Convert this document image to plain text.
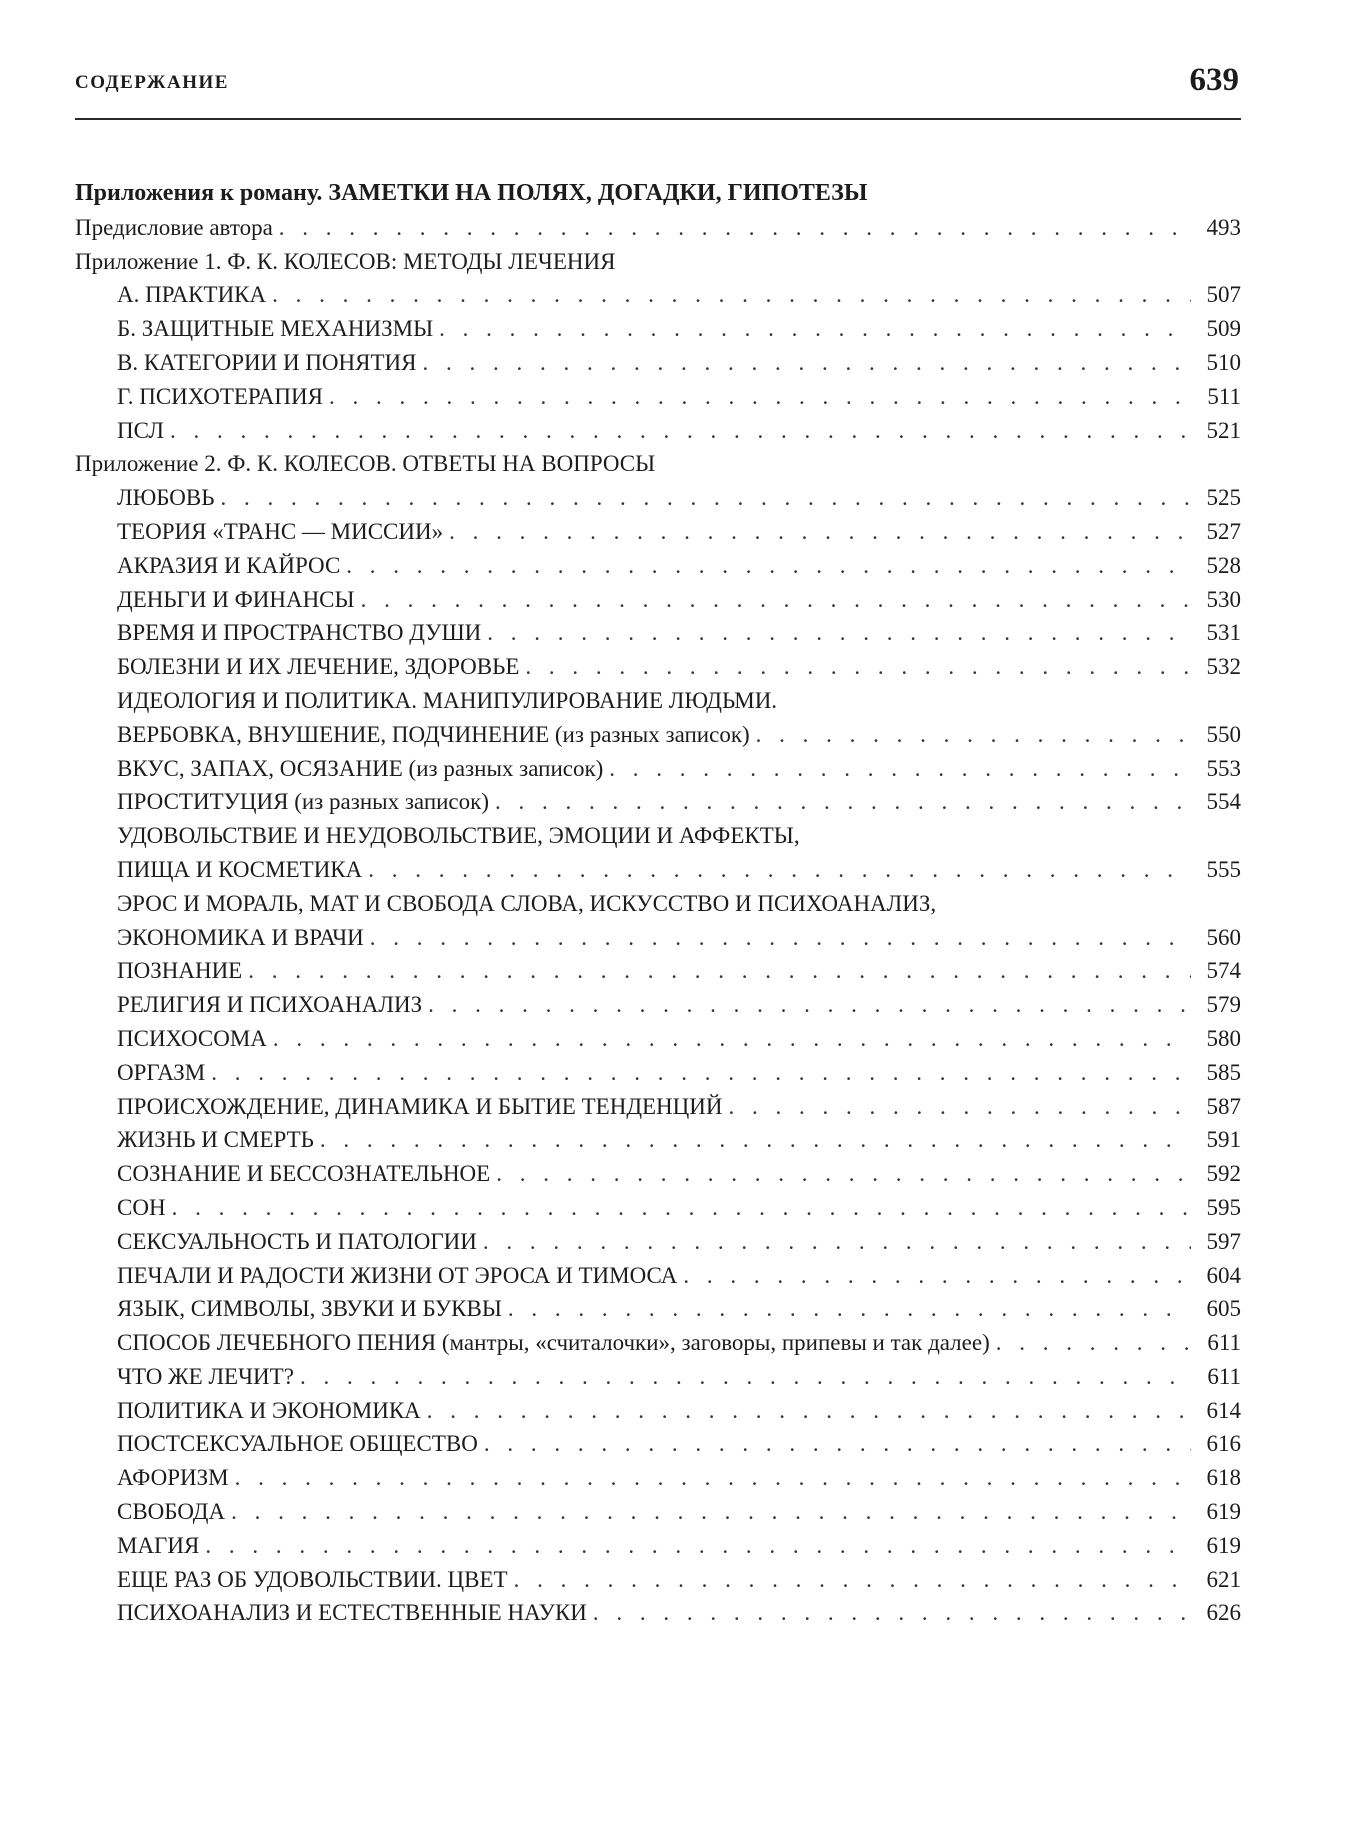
СОДЕРЖАНИЕ	639
Приложения к роману. ЗАМЕТКИ НА ПОЛЯХ, ДОГАДКИ, ГИПОТЕЗЫ
Предисловие автора . . .	493
Приложение 1. Ф. К. КОЛЕСОВ: МЕТОДЫ ЛЕЧЕНИЯ
А. ПРАКТИКА . . .	507
Б. ЗАЩИТНЫЕ МЕХАНИЗМЫ . . .	509
В. КАТЕГОРИИ И ПОНЯТИЯ . . .	510
Г. ПСИХОТЕРАПИЯ . . .	511
ПСЛ . . .	521
Приложение 2. Ф. К. КОЛЕСОВ. ОТВЕТЫ НА ВОПРОСЫ
ЛЮБОВЬ . . .	525
ТЕОРИЯ «ТРАНС — МИССИИ» . . .	527
АКРАЗИЯ И КАЙРОС . . .	528
ДЕНЬГИ И ФИНАНСЫ . . .	530
ВРЕМЯ И ПРОСТРАНСТВО ДУШИ . . .	531
БОЛЕЗНИ И ИХ ЛЕЧЕНИЕ, ЗДОРОВЬЕ . . .	532
ИДЕОЛОГИЯ И ПОЛИТИКА. МАНИПУЛИРОВАНИЕ ЛЮДЬМИ.
ВЕРБОВКА, ВНУШЕНИЕ, ПОДЧИНЕНИЕ (из разных записок) . . .	550
ВКУС, ЗАПАХ, ОСЯЗАНИЕ (из разных записок) . . .	553
ПРОСТИТУЦИЯ (из разных записок) . . .	554
УДОВОЛЬСТВИЕ И НЕУДОВОЛЬСТВИЕ, ЭМОЦИИ И АФФЕКТЫ,
ПИЩА И КОСМЕТИКА . . .	555
ЭРОС И МОРАЛЬ, МАТ И СВОБОДА СЛОВА, ИСКУССТВО И ПСИХОАНАЛИЗ,
ЭКОНОМИКА И ВРАЧИ . . .	560
ПОЗНАНИЕ . . .	574
РЕЛИГИЯ И ПСИХОАНАЛИЗ . . .	579
ПСИХОСОМА . . .	580
ОРГАЗМ . . .	585
ПРОИСХОЖДЕНИЕ, ДИНАМИКА И БЫТИЕ ТЕНДЕНЦИЙ . . .	587
ЖИЗНЬ И СМЕРТЬ . . .	591
СОЗНАНИЕ И БЕССОЗНАТЕЛЬНОЕ . . .	592
СОН . . .	595
СЕКСУАЛЬНОСТЬ И ПАТОЛОГИИ . . .	597
ПЕЧАЛИ И РАДОСТИ ЖИЗНИ ОТ ЭРОСА И ТИМОСА . . .	604
ЯЗЫК, СИМВОЛЫ, ЗВУКИ И БУКВЫ . . .	605
СПОСОБ ЛЕЧЕБНОГО ПЕНИЯ (мантры, «считалочки», заговоры, припевы и так далее) . . .	611
ЧТО ЖЕ ЛЕЧИТ? . . .	611
ПОЛИТИКА И ЭКОНОМИКА . . .	614
ПОСТСЕКСУАЛЬНОЕ ОБЩЕСТВО . . .	616
АФОРИЗМ . . .	618
СВОБОДА . . .	619
МАГИЯ . . .	619
ЕЩЕ РАЗ ОБ УДОВОЛЬСТВИИ. ЦВЕТ . . .	621
ПСИХОАНАЛИЗ И ЕСТЕСТВЕННЫЕ НАУКИ . . .	626
